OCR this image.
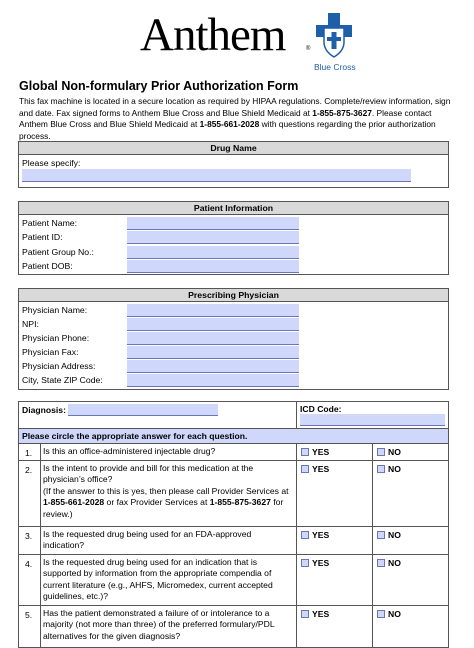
Anthem	®
Blue Cross
Global Non-formulary Prior Authorization Form
This fax machine is located in a secure location as required by HIPAA regulations. Complete/review information, sign and date. Fax signed forms to Anthem Blue Cross and Blue Shield Medicaid at 1-855-875-3627. Please contact Anthem Blue Cross and Blue Shield Medicaid at 1-855-661-2028 with questions regarding the prior authorization process.
Drug Name
Please specify:
Patient Information
Patient Name:
Patient ID:
Patient Group No.:
Patient DOB:
Prescribing Physician
Physician Name:
NPI:
Physician Phone:
Physician Fax:
Physician Address:
City, State ZIP Code:
Diagnosis:		ICD Code:	
Please circle the appropriate answer for each question.			
1.	Is this an office-administered injectable drug?	YES	NO
2.	Is the intent to provide and bill for this medication at the physician’s office?
(If the answer to this is yes, then please call Provider Services at
1-855-661-2028 or fax Provider Services at 1-855-875-3627 for review.)	YES	NO
3.	Is the requested drug being used for an FDA-approved indication?	YES	NO
4.	Is the requested drug being used for an indication that is supported by information from the appropriate compendia of current literature (e.g., AHFS, Micromedex, current accepted guidelines, etc.)?	YES	NO
5.	Has the patient demonstrated a failure of or intolerance to a majority (not more than three) of the preferred formulary/PDL alternatives for the given diagnosis?	YES	NO
